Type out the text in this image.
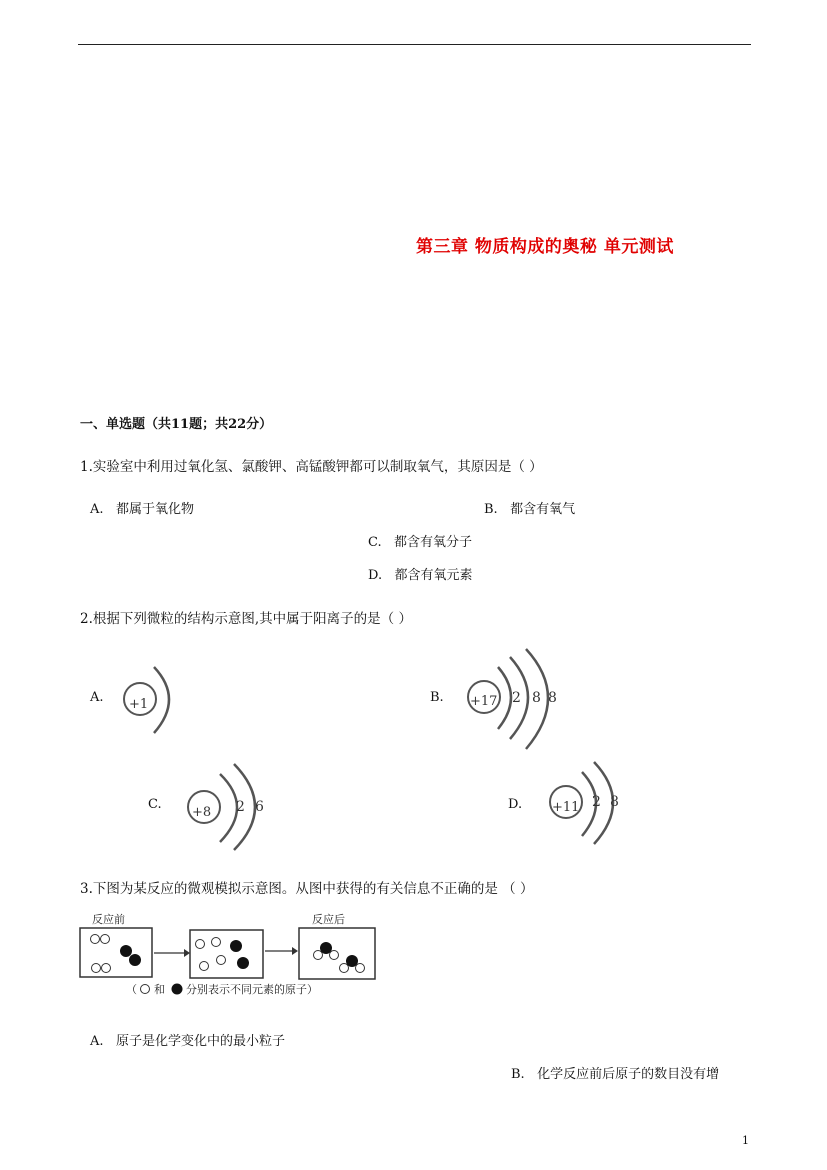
第三章 物质构成的奥秘 单元测试
一、单选题（共11题；共22分）
1.实验室中利用过氧化氢、氯酸钾、高锰酸钾都可以制取氧气，其原因是（ ）
A. 都属于氧化物	B. 都含有氧气
C. 都含有氧分子
D. 都含有氧元素
2.根据下列微粒的结构示意图,其中属于阳离子的是（ ）
A. +1	B. +17 2 8 8
C.
+8 2 6	D. +11 2 8
3.下图为某反应的微观模拟示意图。从图中获得的有关信息不正确的是 （ ）
反应前	反应后
（ 和 分别表示不同元素的原子）
A. 原子是化学变化中的最小粒子
B. 化学反应前后原子的数目没有增
1
